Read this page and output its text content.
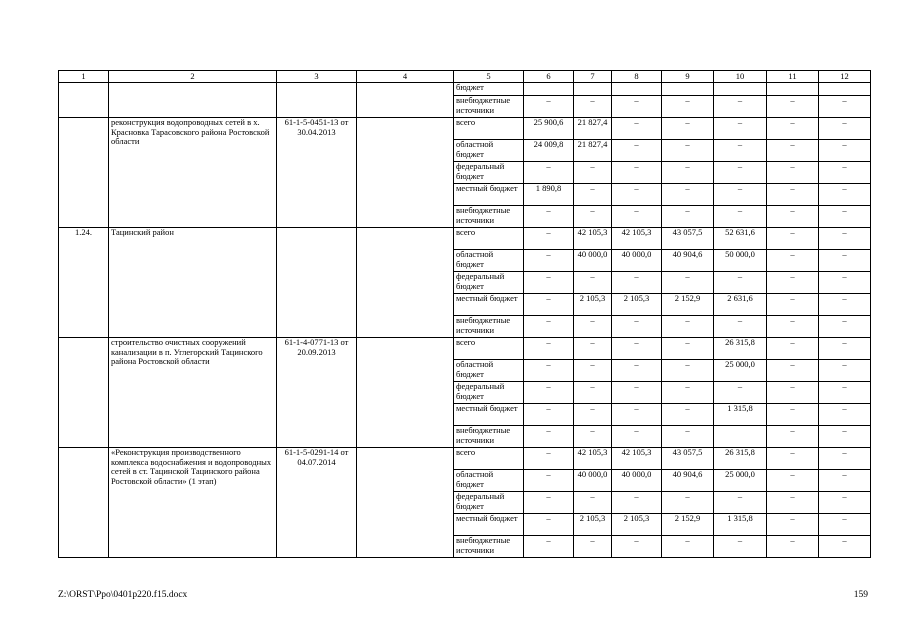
1	2	3	4	5	6	7	8	9	10	11	12
				бюджет							
				внебюджетные источники	–	–	–	–	–	–	–
	реконструкция водопроводных сетей в х. Красновка Тарасовского района Ростовской области	61-1-5-0451-13 от 30.04.2013		всего	25 900,6	21 827,4	–	–	–	–	–
				областной бюджет	24 009,8	21 827,4	–	–	–	–	–
				федеральный бюджет	–	–	–	–	–	–	–
				местный бюджет	1 890,8	–	–	–	–	–	–
				внебюджетные источники	–	–	–	–	–	–	–
1.24.	Тацинский район			всего	–	42 105,3	42 105,3	43 057,5	52 631,6	–	–
				областной бюджет	–	40 000,0	40 000,0	40 904,6	50 000,0	–	–
				федеральный бюджет	–	–	–	–	–	–	–
				местный бюджет	–	2 105,3	2 105,3	2 152,9	2 631,6	–	–
				внебюджетные источники	–	–	–	–	–	–	–
	строительство очистных сооружений канализации в п. Углегорский Тацинского района Ростовской области	61-1-4-0771-13 от 20.09.2013		всего	–	–	–	–	26 315,8	–	–
				областной бюджет	–	–	–	–	25 000,0	–	–
				федеральный бюджет	–	–	–	–	–	–	–
				местный бюджет	–	–	–	–	1 315,8	–	–
				внебюджетные источники	–	–	–	–		–	–
	«Реконструкция производственного комплекса водоснабжения и водопроводных сетей в ст. Тацинской Тацинского района Ростовской области» (1 этап)	61-1-5-0291-14 от 04.07.2014		всего	–	42 105,3	42 105,3	43 057,5	26 315,8	–	–
				областной бюджет	–	40 000,0	40 000,0	40 904,6	25 000,0	–	–
				федеральный бюджет	–	–	–	–	–	–	–
				местный бюджет	–	2 105,3	2 105,3	2 152,9	1 315,8	–	–
				внебюджетные источники	–	–	–	–	–	–	–
Z:\ORST\Ppo\0401p220.f15.docx	159
